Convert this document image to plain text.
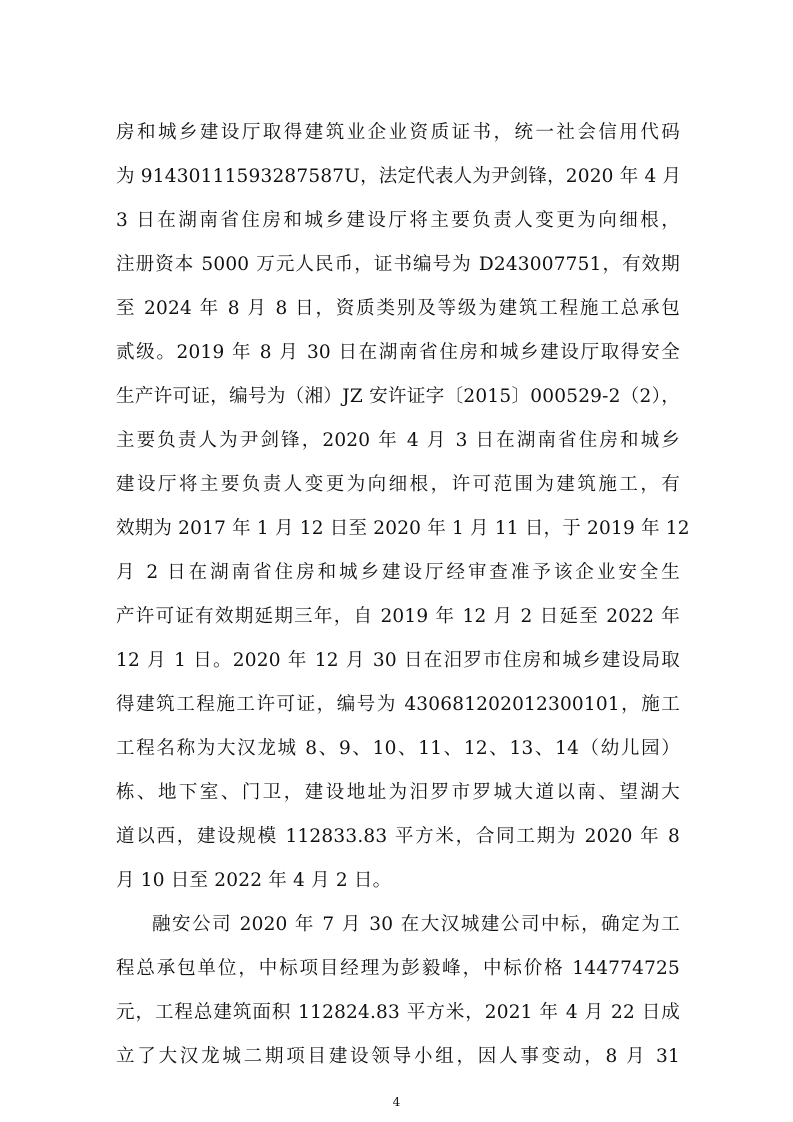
房和城乡建设厅取得建筑业企业资质证书，统一社会信用代码
为 91430111593287587U，法定代表人为尹剑锋，2020 年 4 月
3 日在湖南省住房和城乡建设厅将主要负责人变更为向细根，
注册资本 5000 万元人民币，证书编号为 D243007751，有效期
至 2024 年 8 月 8 日，资质类别及等级为建筑工程施工总承包
贰级。2019 年 8 月 30 日在湖南省住房和城乡建设厅取得安全
生产许可证，编号为（湘）JZ 安许证字〔2015〕000529-2（2），
主要负责人为尹剑锋，2020 年 4 月 3 日在湖南省住房和城乡
建设厅将主要负责人变更为向细根，许可范围为建筑施工，有
效期为 2017 年 1 月 12 日至 2020 年 1 月 11 日，于 2019 年 12
月 2 日在湖南省住房和城乡建设厅经审查准予该企业安全生
产许可证有效期延期三年，自 2019 年 12 月 2 日延至 2022 年
12 月 1 日。2020 年 12 月 30 日在汨罗市住房和城乡建设局取
得建筑工程施工许可证，编号为 430681202012300101，施工
工程名称为大汉龙城 8、9、10、11、12、13、14（幼儿园）
栋、地下室、门卫，建设地址为汨罗市罗城大道以南、望湖大
道以西，建设规模 112833.83 平方米，合同工期为 2020 年 8
月 10 日至 2022 年 4 月 2 日。
融安公司 2020 年 7 月 30 在大汉城建公司中标，确定为工
程总承包单位，中标项目经理为彭毅峰，中标价格 144774725
元，工程总建筑面积 112824.83 平方米，2021 年 4 月 22 日成
立了大汉龙城二期项目建设领导小组，因人事变动，8 月 31
4
